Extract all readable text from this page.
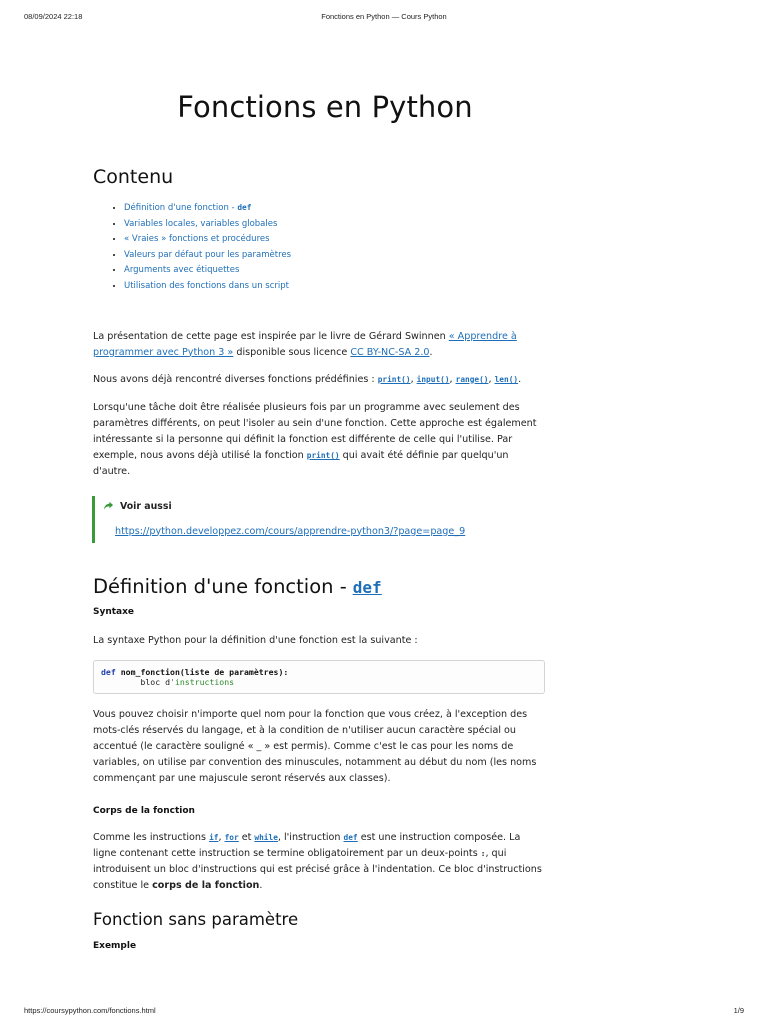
08/09/2024 22:18	Fonctions en Python — Cours Python
Fonctions en Python
Contenu
• Définition d'une fonction - def
• Variables locales, variables globales
• « Vraies » fonctions et procédures
• Valeurs par défaut pour les paramètres
• Arguments avec étiquettes
• Utilisation des fonctions dans un script

La présentation de cette page est inspirée par le livre de Gérard Swinnen « Apprendre à programmer avec Python 3 » disponible sous licence CC BY-NC-SA 2.0.

Nous avons déjà rencontré diverses fonctions prédéfinies : print(), input(), range(), len().

Lorsqu'une tâche doit être réalisée plusieurs fois par un programme avec seulement des paramètres différents, on peut l'isoler au sein d'une fonction. Cette approche est également intéressante si la personne qui définit la fonction est différente de celle qui l'utilise. Par exemple, nous avons déjà utilisé la fonction print() qui avait été définie par quelqu'un d'autre.

Voir aussi
https://python.developpez.com/cours/apprendre-python3/?page=page_9
Définition d'une fonction - def

Syntaxe

La syntaxe Python pour la définition d'une fonction est la suivante :

def nom_fonction(liste de paramètres):
bloc d'instructions

Vous pouvez choisir n'importe quel nom pour la fonction que vous créez, à l'exception des mots-clés réservés du langage, et à la condition de n'utiliser aucun caractère spécial ou accentué (le caractère souligné « _ » est permis). Comme c'est le cas pour les noms de variables, on utilise par convention des minuscules, notamment au début du nom (les noms commençant par une majuscule seront réservés aux classes).

Corps de la fonction

Comme les instructions if, for et while, l'instruction def est une instruction composée. La ligne contenant cette instruction se termine obligatoirement par un deux-points :, qui introduisent un bloc d'instructions qui est précisé grâce à l'indentation. Ce bloc d'instructions constitue le corps de la fonction.

Fonction sans paramètre

Exemple

https://coursypython.com/fonctions.html	1/9
